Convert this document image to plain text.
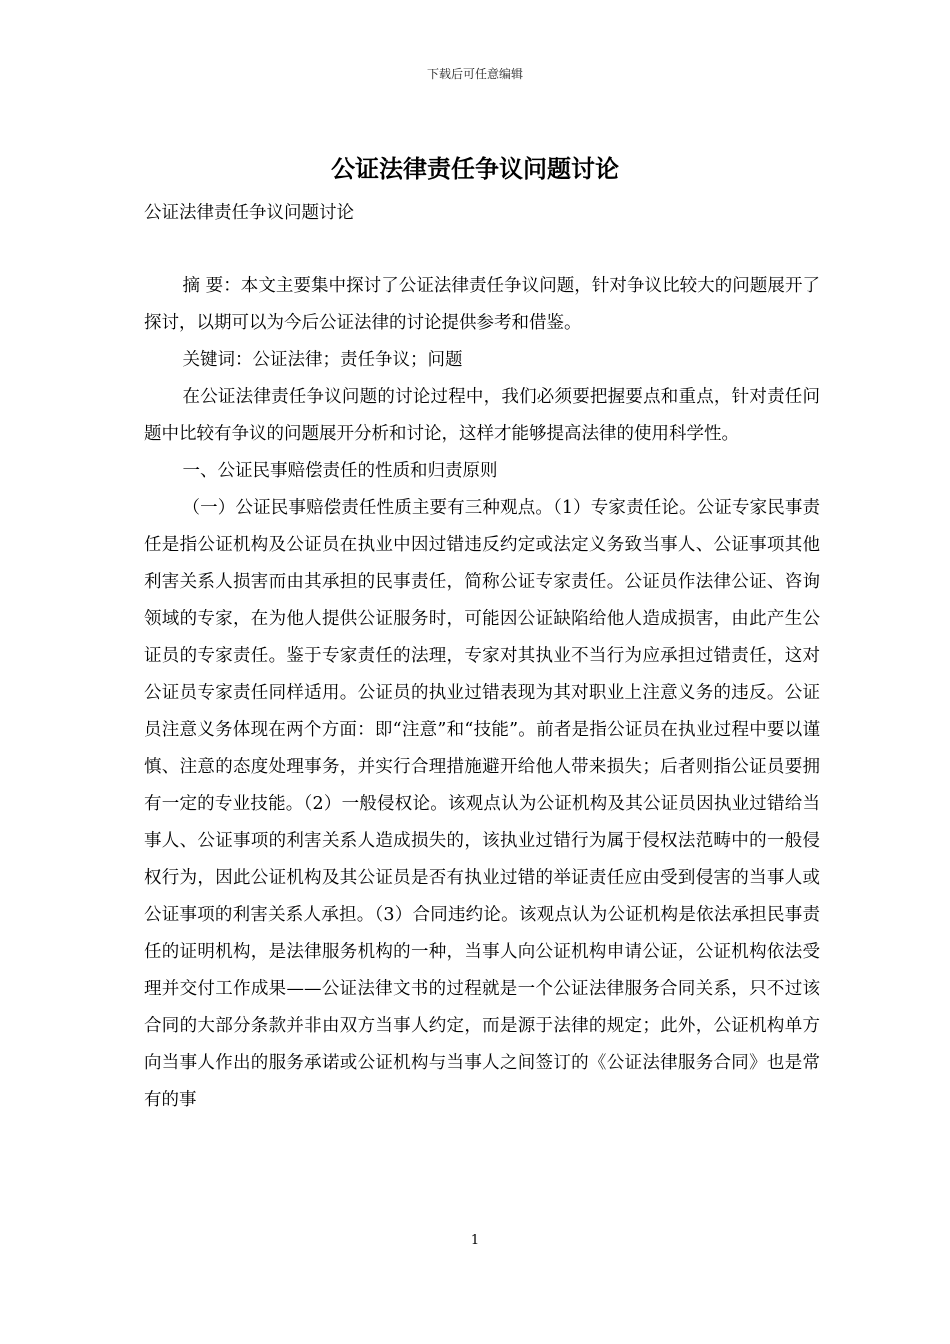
下载后可任意编辑
公证法律责任争议问题讨论

公证法律责任争议问题讨论

摘 要：本文主要集中探讨了公证法律责任争议问题，针对争议比较大的问题展开了探讨，以期可以为今后公证法律的讨论提供参考和借鉴。

关键词：公证法律；责任争议；问题

在公证法律责任争议问题的讨论过程中，我们必须要把握要点和重点，针对责任问题中比较有争议的问题展开分析和讨论，这样才能够提高法律的使用科学性。

一、公证民事赔偿责任的性质和归责原则

（一）公证民事赔偿责任性质主要有三种观点。（1）专家责任论。公证专家民事责任是指公证机构及公证员在执业中因过错违反约定或法定义务致当事人、公证事项其他利害关系人损害而由其承担的民事责任，简称公证专家责任。公证员作法律公证、咨询领域的专家，在为他人提供公证服务时，可能因公证缺陷给他人造成损害，由此产生公证员的专家责任。鉴于专家责任的法理，专家对其执业不当行为应承担过错责任，这对公证员专家责任同样适用。公证员的执业过错表现为其对职业上注意义务的违反。公证员注意义务体现在两个方面：即“注意”和“技能”。前者是指公证员在执业过程中要以谨慎、注意的态度处理事务，并实行合理措施避开给他人带来损失；后者则指公证员要拥有一定的专业技能。（2）一般侵权论。该观点认为公证机构及其公证员因执业过错给当事人、公证事项的利害关系人造成损失的，该执业过错行为属于侵权法范畴中的一般侵权行为，因此公证机构及其公证员是否有执业过错的举证责任应由受到侵害的当事人或公证事项的利害关系人承担。（3）合同违约论。该观点认为公证机构是依法承担民事责任的证明机构，是法律服务机构的一种，当事人向公证机构申请公证，公证机构依法受理并交付工作成果——公证法律文书的过程就是一个公证法律服务合同关系，只不过该合同的大部分条款并非由双方当事人约定，而是源于法律的规定；此外，公证机构单方向当事人作出的服务承诺或公证机构与当事人之间签订的《公证法律服务合同》也是常有的事

1
